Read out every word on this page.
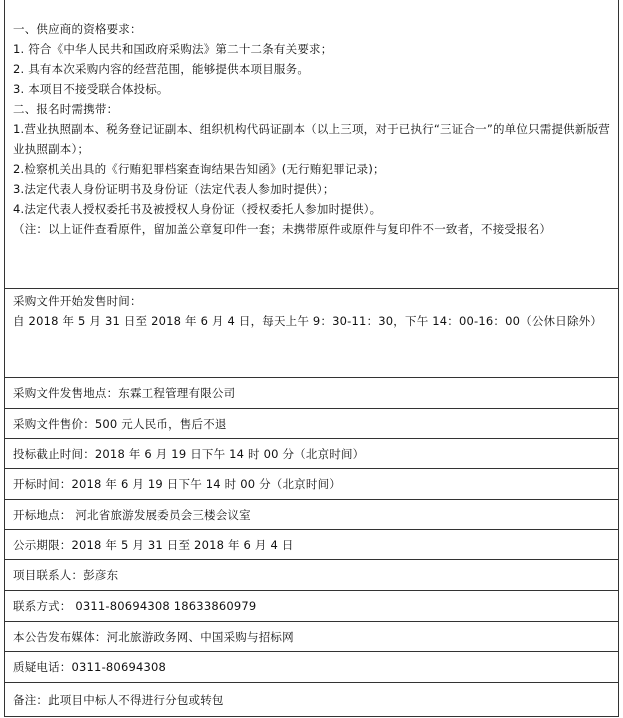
一、供应商的资格要求：
1. 符合《中华人民共和国政府采购法》第二十二条有关要求；
2. 具有本次采购内容的经营范围，能够提供本项目服务。
3. 本项目不接受联合体投标。
二、报名时需携带：
1.营业执照副本、税务登记证副本、组织机构代码证副本（以上三项，对于已执行“三证合一”的单位只需提供新版营业执照副本）；
2.检察机关出具的《行贿犯罪档案查询结果告知函》(无行贿犯罪记录)；
3.法定代表人身份证明书及身份证（法定代表人参加时提供）；
4.法定代表人授权委托书及被授权人身份证（授权委托人参加时提供）。
（注：以上证件查看原件，留加盖公章复印件一套；未携带原件或原件与复印件不一致者，不接受报名）
采购文件开始发售时间：
自 2018 年 5 月 31 日至 2018 年 6 月 4 日，每天上午 9：30-11：30，下午 14：00-16：00（公休日除外）
采购文件发售地点：东霖工程管理有限公司
采购文件售价：500 元人民币，售后不退
投标截止时间：2018 年 6 月 19 日下午 14 时 00 分（北京时间）
开标时间：2018 年 6 月 19 日下午 14 时 00 分（北京时间）
开标地点： 河北省旅游发展委员会三楼会议室
公示期限：2018 年 5 月 31 日至 2018 年 6 月 4 日
项目联系人：彭彦东
联系方式： 0311-80694308 18633860979
本公告发布媒体：河北旅游政务网、中国采购与招标网
质疑电话：0311-80694308
备注：此项目中标人不得进行分包或转包
